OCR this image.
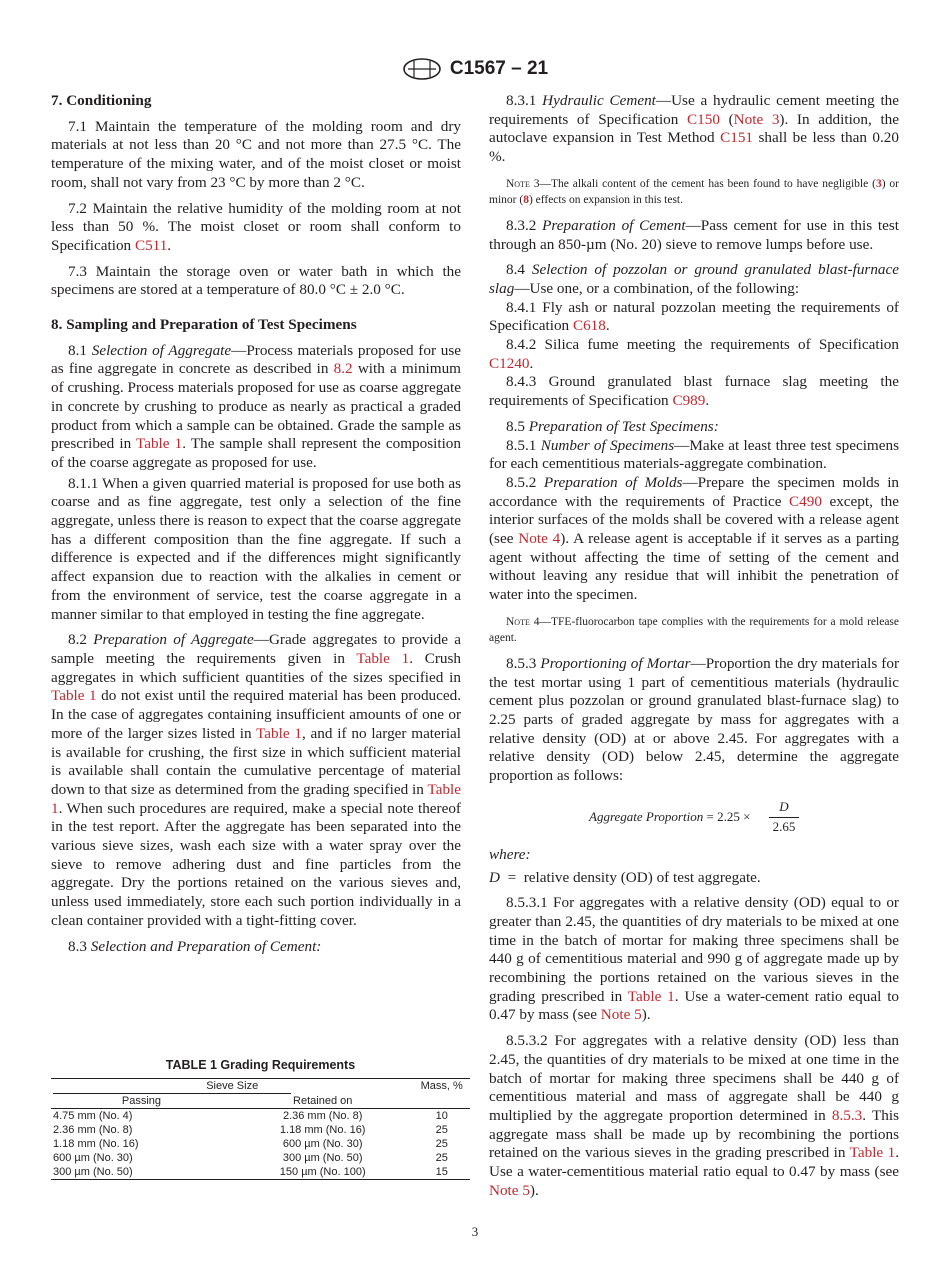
C1567 – 21

7. Conditioning

7.1 Maintain the temperature of the molding room and dry materials at not less than 20 °C and not more than 27.5 °C. The temperature of the mixing water, and of the moist closet or moist room, shall not vary from 23 °C by more than 2 °C.

7.2 Maintain the relative humidity of the molding room at not less than 50 %. The moist closet or room shall conform to Specification C511.

7.3 Maintain the storage oven or water bath in which the specimens are stored at a temperature of 80.0 °C ± 2.0 °C.

8. Sampling and Preparation of Test Specimens

8.1 Selection of Aggregate—Process materials proposed for use as fine aggregate in concrete as described in 8.2 with a minimum of crushing. Process materials proposed for use as coarse aggregate in concrete by crushing to produce as nearly as practical a graded product from which a sample can be obtained. Grade the sample as prescribed in Table 1. The sample shall represent the composition of the coarse aggregate as proposed for use.

8.1.1 When a given quarried material is proposed for use both as coarse and as fine aggregate, test only a selection of the fine aggregate, unless there is reason to expect that the coarse aggregate has a different composition than the fine aggregate. If such a difference is expected and if the differences might significantly affect expansion due to reaction with the alkalies in cement or from the environment of service, test the coarse aggregate in a manner similar to that employed in testing the fine aggregate.

8.2 Preparation of Aggregate—Grade aggregates to provide a sample meeting the requirements given in Table 1. Crush aggregates in which sufficient quantities of the sizes specified in Table 1 do not exist until the required material has been produced. In the case of aggregates containing insufficient amounts of one or more of the larger sizes listed in Table 1, and if no larger material is available for crushing, the first size in which sufficient material is available shall contain the cumulative percentage of material down to that size as determined from the grading specified in Table 1. When such procedures are required, make a special note thereof in the test report. After the aggregate has been separated into the various sieve sizes, wash each size with a water spray over the sieve to remove adhering dust and fine particles from the aggregate. Dry the portions retained on the various sieves and, unless used immediately, store each such portion individually in a clean container provided with a tight-fitting cover.

8.3 Selection and Preparation of Cement:

TABLE 1 Grading Requirements
Sieve Size		Mass, %
Passing	Retained on	
4.75 mm (No. 4)	2.36 mm (No. 8)	10
2.36 mm (No. 8)	1.18 mm (No. 16)	25
1.18 mm (No. 16)	600 µm (No. 30)	25
600 µm (No. 30)	300 µm (No. 50)	25
300 µm (No. 50)	150 µm (No. 100)	15

8.3.1 Hydraulic Cement—Use a hydraulic cement meeting the requirements of Specification C150 (Note 3). In addition, the autoclave expansion in Test Method C151 shall be less than 0.20 %.

Note 3—The alkali content of the cement has been found to have negligible (3) or minor (8) effects on expansion in this test.

8.3.2 Preparation of Cement—Pass cement for use in this test through an 850-µm (No. 20) sieve to remove lumps before use.

8.4 Selection of pozzolan or ground granulated blast-furnace slag—Use one, or a combination, of the following:

8.4.1 Fly ash or natural pozzolan meeting the requirements of Specification C618.

8.4.2 Silica fume meeting the requirements of Specification C1240.

8.4.3 Ground granulated blast furnace slag meeting the requirements of Specification C989.

8.5 Preparation of Test Specimens:

8.5.1 Number of Specimens—Make at least three test specimens for each cementitious materials-aggregate combination.

8.5.2 Preparation of Molds—Prepare the specimen molds in accordance with the requirements of Practice C490 except, the interior surfaces of the molds shall be covered with a release agent (see Note 4). A release agent is acceptable if it serves as a parting agent without affecting the time of setting of the cement and without leaving any residue that will inhibit the penetration of water into the specimen.

Note 4—TFE-fluorocarbon tape complies with the requirements for a mold release agent.

8.5.3 Proportioning of Mortar—Proportion the dry materials for the test mortar using 1 part of cementitious materials (hydraulic cement plus pozzolan or ground granulated blast-furnace slag) to 2.25 parts of graded aggregate by mass for aggregates with a relative density (OD) at or above 2.45. For aggregates with a relative density (OD) below 2.45, determine the aggregate proportion as follows:

Aggregate Proportion = $2.25 \times \frac{D}{2.65}$

where:

D  =  relative density (OD) of test aggregate.

8.5.3.1 For aggregates with a relative density (OD) equal to or greater than 2.45, the quantities of dry materials to be mixed at one time in the batch of mortar for making three specimens shall be 440 g of cementitious material and 990 g of aggregate made up by recombining the portions retained on the various sieves in the grading prescribed in Table 1. Use a water-cement ratio equal to 0.47 by mass (see Note 5).

8.5.3.2 For aggregates with a relative density (OD) less than 2.45, the quantities of dry materials to be mixed at one time in the batch of mortar for making three specimens shall be 440 g of cementitious material and mass of aggregate shall be 440 g multiplied by the aggregate proportion determined in 8.5.3. This aggregate mass shall be made up by recombining the portions retained on the various sieves in the grading prescribed in Table 1. Use a water-cementitious material ratio equal to 0.47 by mass (see Note 5).

3
